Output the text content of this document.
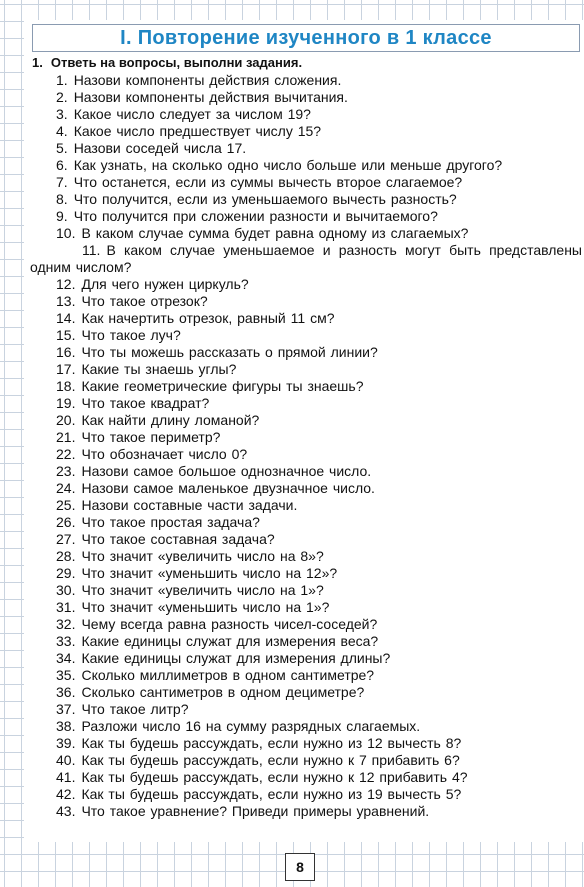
I. Повторение изученного в 1 классе
1. Ответь на вопросы, выполни задания.
1. Назови компоненты действия сложения.
2. Назови компоненты действия вычитания.
3. Какое число следует за числом 19?
4. Какое число предшествует числу 15?
5. Назови соседей числа 17.
6. Как узнать, на сколько одно число больше или меньше другого?
7. Что останется, если из суммы вычесть второе слагаемое?
8. Что получится, если из уменьшаемого вычесть разность?
9. Что получится при сложении разности и вычитаемого?
10. В каком случае сумма будет равна одному из слагаемых?
11. В каком случае уменьшаемое и разность могут быть представлены одним числом?
12. Для чего нужен циркуль?
13. Что такое отрезок?
14. Как начертить отрезок, равный 11 см?
15. Что такое луч?
16. Что ты можешь рассказать о прямой линии?
17. Какие ты знаешь углы?
18. Какие геометрические фигуры ты знаешь?
19. Что такое квадрат?
20. Как найти длину ломаной?
21. Что такое периметр?
22. Что обозначает число 0?
23. Назови самое большое однозначное число.
24. Назови самое маленькое двузначное число.
25. Назови составные части задачи.
26. Что такое простая задача?
27. Что такое составная задача?
28. Что значит «увеличить число на 8»?
29. Что значит «уменьшить число на 12»?
30. Что значит «увеличить число на 1»?
31. Что значит «уменьшить число на 1»?
32. Чему всегда равна разность чисел-соседей?
33. Какие единицы служат для измерения веса?
34. Какие единицы служат для измерения длины?
35. Сколько миллиметров в одном сантиметре?
36. Сколько сантиметров в одном дециметре?
37. Что такое литр?
38. Разложи число 16 на сумму разрядных слагаемых.
39. Как ты будешь рассуждать, если нужно из 12 вычесть 8?
40. Как ты будешь рассуждать, если нужно к 7 прибавить 6?
41. Как ты будешь рассуждать, если нужно к 12 прибавить 4?
42. Как ты будешь рассуждать, если нужно из 19 вычесть 5?
43. Что такое уравнение? Приведи примеры уравнений.
8
